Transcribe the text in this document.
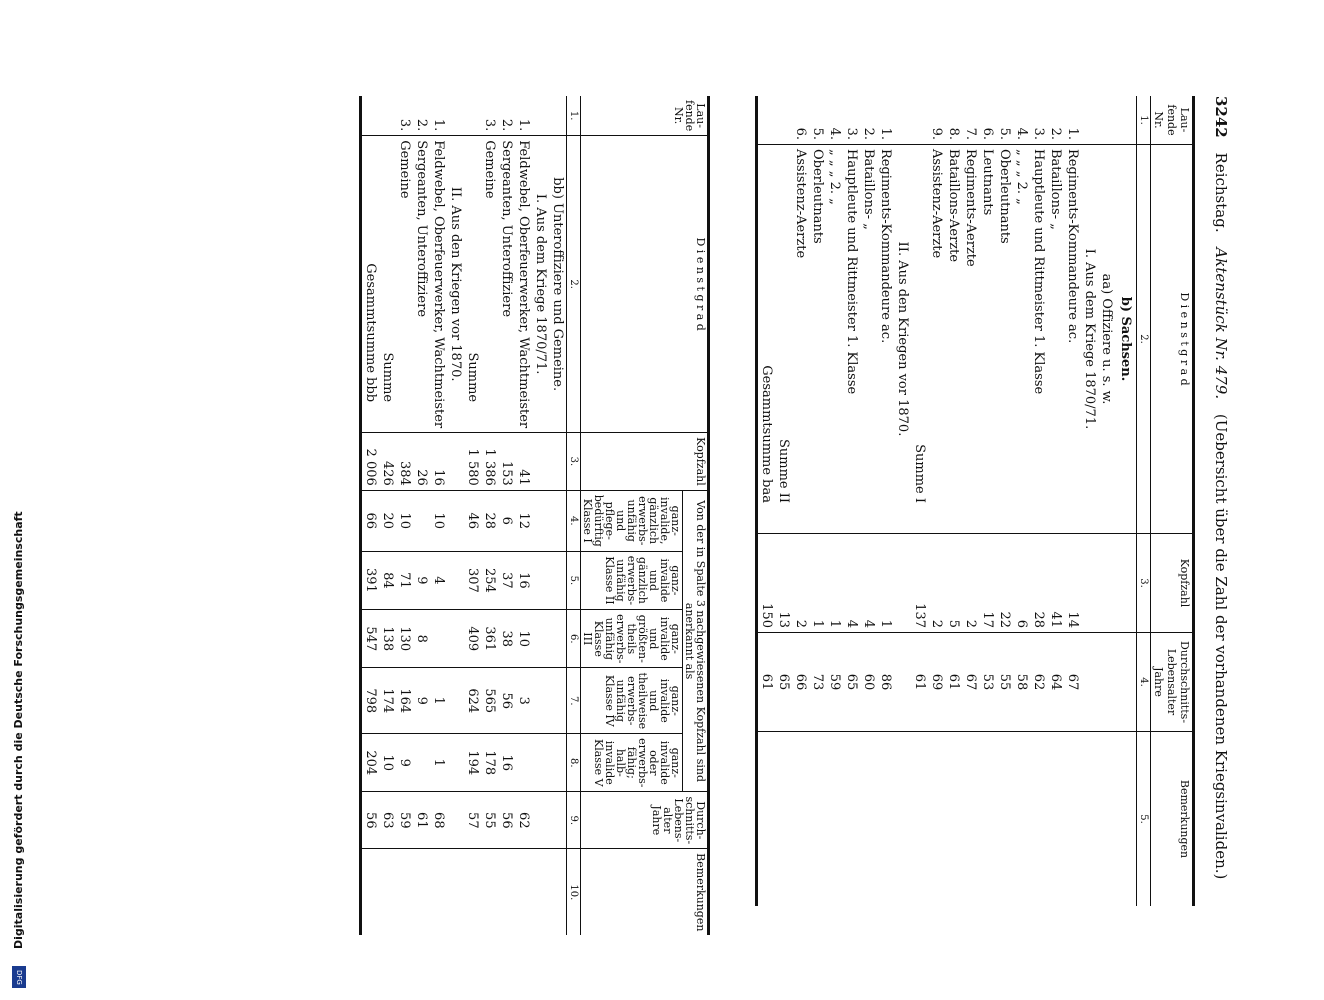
Digitalisierung gefördert durch die Deutsche Forschungsgemeinschaft
DFG
3242 Reichstag. Aktenstück Nr. 479. (Uebersicht über die Zahl der vorhandenen Kriegsinvaliden.)
Lau-fende Nr.	D i e n s t g r a d	Kopfzahl	Durchschnitts-Lebensalter
Jahre	Bemerkungen
1.	2.	3.	4.	5.
	b) Sachsen.			
	aa) Offiziere u. s. w.			
	I. Aus dem Kriege 1870/71.			
1.	Regiments-Kommandeure ac.	14	67	
2.	Bataillons- „	41	64	
3.	Hauptleute und Rittmeister 1. Klasse	28	62	
4.	„ „ „ 2. „	6	58	
5.	Oberleutnants	22	55	
6.	Leutnants	17	53	
7.	Regiments-Aerzte	2	67	
8.	Bataillons-Aerzte	5	61	
9.	Assistenz-Aerzte	2	69	
	Summe I	137	61	
	II. Aus den Kriegen vor 1870.			
1.	Regiments-Kommandeure ac.	1	86	
2.	Bataillons- „	4	60	
3.	Hauptleute und Rittmeister 1. Klasse	4	65	
4.	„ „ „ 2. „	1	59	
5.	Oberleutnants	1	73	
6.	Assistenz-Aerzte	2	66	
	Summe II	13	65	
	Gesammtsumme baa	150	61	
Lau-fende Nr.	D i e n s t g r a d	Kopfzahl	Von der in Spalte 3 nachgewiesenen Kopfzahl sind anerkannt als					Durch-schnitts-Lebens-alter Jahre	Bemerkungen
			ganz-invalide, gänzlich erwerbs-unfähig und pflege-bedürftig Klasse I	ganz-invalide und gänzlich erwerbs-unfähig Klasse II	ganz-invalide und größten-theils erwerbs-unfähig Klasse III	ganz-invalide und theilweise erwerbs-unfähig Klasse IV	ganz-invalide oder erwerbs-fähig; halb-invalide Klasse V		
1.	2.	3.	4.	5.	6.	7.	8.	9.	10.
	bb) Unteroffiziere und Gemeine.								
	I. Aus dem Kriege 1870/71.								
1.	Feldwebel, Oberfeuerwerker, Wachtmeister	41	12	16	10	3		62	
2.	Sergeanten, Unteroffiziere	153	6	37	38	56	16	56	
3.	Gemeine	1 386	28	254	361	565	178	55	
	Summe	1 580	46	307	409	624	194	57	
	II. Aus den Kriegen vor 1870.								
1.	Feldwebel, Oberfeuerwerker, Wachtmeister	16	10	4		1	1	68	
2.	Sergeanten, Unteroffiziere	26		9	8	9		61	
3.	Gemeine	384	10	71	130	164	9	59	
	Summe	426	20	84	138	174	10	63	
	Gesammtsumme bbb	2 006	66	391	547	798	204	56	
